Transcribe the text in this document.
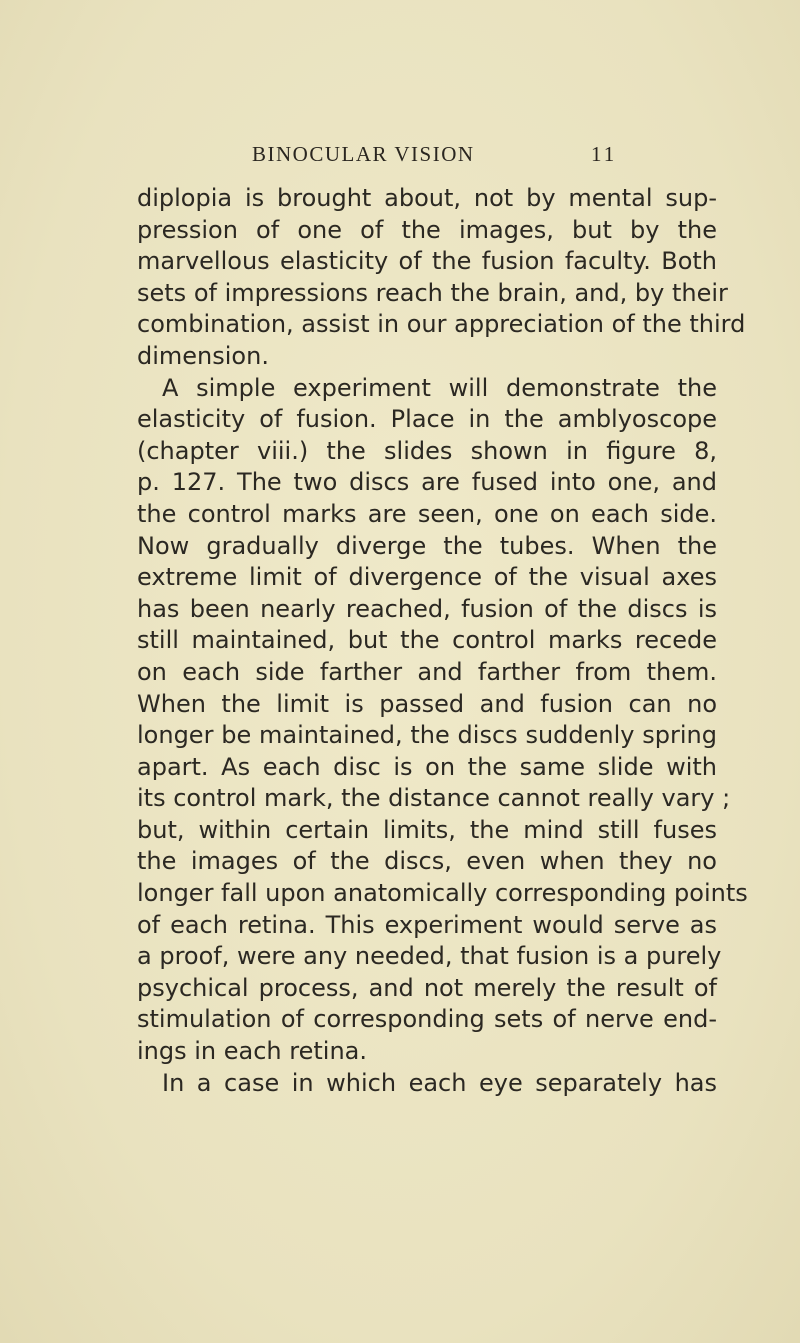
BINOCULAR VISION	11
diplopia is brought about, not by mental sup-
pression of one of the images, but by the
marvellous elasticity of the fusion faculty. Both
sets of impressions reach the brain, and, by their
combination, assist in our appreciation of the third
dimension.
A simple experiment will demonstrate the
elasticity of fusion. Place in the amblyoscope
(chapter viii.) the slides shown in figure 8,
p. 127. The two discs are fused into one, and
the control marks are seen, one on each side.
Now gradually diverge the tubes. When the
extreme limit of divergence of the visual axes
has been nearly reached, fusion of the discs is
still maintained, but the control marks recede
on each side farther and farther from them.
When the limit is passed and fusion can no
longer be maintained, the discs suddenly spring
apart. As each disc is on the same slide with
its control mark, the distance cannot really vary ;
but, within certain limits, the mind still fuses
the images of the discs, even when they no
longer fall upon anatomically corresponding points
of each retina. This experiment would serve as
a proof, were any needed, that fusion is a purely
psychical process, and not merely the result of
stimulation of corresponding sets of nerve end-
ings in each retina.
In a case in which each eye separately has
